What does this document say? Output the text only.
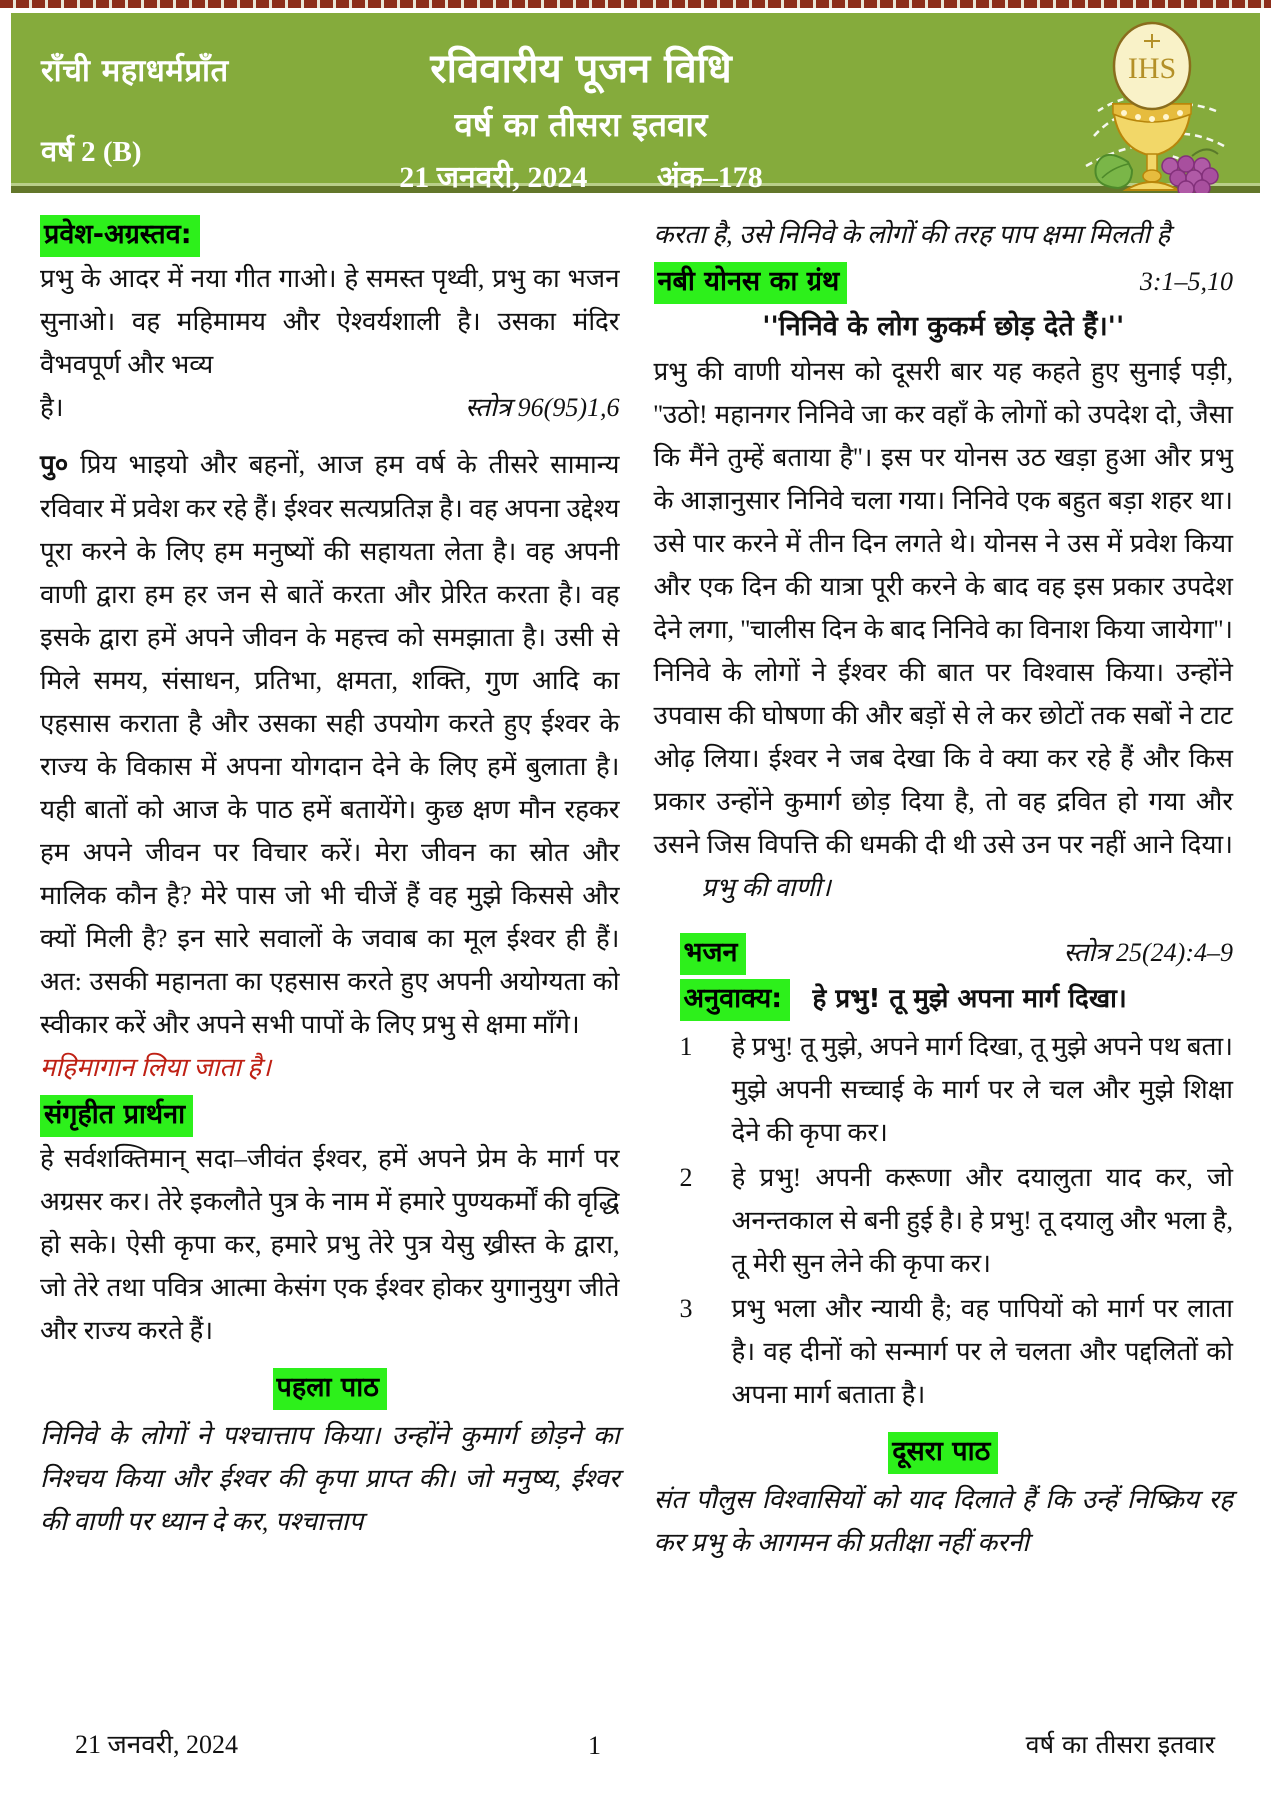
राँची महाधर्मप्राँत
वर्ष 2 (B)
रविवारीय पूजन विधि
वर्ष का तीसरा इतवार
21 जनवरी, 2024 अंक–178
IHS
प्रवेश-अग्रस्तव:

प्रभु के आदर में नया गीत गाओ। हे समस्त पृथ्वी, प्रभु का भजन सुनाओ। वह महिमामय और ऐश्वर्यशाली है। उसका मंदिर वैभवपूर्ण और भव्य

है।	स्तोत्र 96(95)1,6

पु० प्रिय भाइयो और बहनों, आज हम वर्ष के तीसरे सामान्य रविवार में प्रवेश कर रहे हैं। ईश्वर सत्यप्रतिज्ञ है। वह अपना उद्देश्य पूरा करने के लिए हम मनुष्यों की सहायता लेता है। वह अपनी वाणी द्वारा हम हर जन से बातें करता और प्रेरित करता है। वह इसके द्वारा हमें अपने जीवन के महत्त्व को समझाता है। उसी से मिले समय, संसाधन, प्रतिभा, क्षमता, शक्ति, गुण आदि का एहसास कराता है और उसका सही उपयोग करते हुए ईश्वर के राज्य के विकास में अपना योगदान देने के लिए हमें बुलाता है। यही बातों को आज के पाठ हमें बतायेंगे। कुछ क्षण मौन रहकर हम अपने जीवन पर विचार करें। मेरा जीवन का स्रोत और मालिक कौन है? मेरे पास जो भी चीजें हैं वह मुझे किससे और क्यों मिली है? इन सारे सवालों के जवाब का मूल ईश्वर ही हैं। अत: उसकी महानता का एहसास करते हुए अपनी अयोग्यता को स्वीकार करें और अपने सभी पापों के लिए प्रभु से क्षमा माँगे।

महिमागान लिया जाता है।
संगृहीत प्रार्थना

हे सर्वशक्तिमान् सदा–जीवंत ईश्वर, हमें अपने प्रेम के मार्ग पर अग्रसर कर। तेरे इकलौते पुत्र के नाम में हमारे पुण्यकर्मों की वृद्धि हो सके। ऐसी कृपा कर, हमारे प्रभु तेरे पुत्र येसु ख्रीस्त के द्वारा, जो तेरे तथा पवित्र आत्मा केसंग एक ईश्वर होकर युगानुयुग जीते और राज्य करते हैं।

पहला पाठ

निनिवे के लोगों ने पश्चात्ताप किया। उन्होंने कुमार्ग छोड़ने का निश्चय किया और ईश्वर की कृपा प्राप्त की। जो मनुष्य, ईश्वर की वाणी पर ध्यान दे कर, पश्चात्ताप

करता है, उसे निनिवे के लोगों की तरह पाप क्षमा मिलती है

नबी योनस का ग्रंथ	3:1–5,10
''निनिवे के लोग कुकर्म छोड़ देते हैं।''

प्रभु की वाणी योनस को दूसरी बार यह कहते हुए सुनाई पड़ी, ''उठो! महानगर निनिवे जा कर वहाँ के लोगों को उपदेश दो, जैसा कि मैंने तुम्हें बताया है''। इस पर योनस उठ खड़ा हुआ और प्रभु के आज्ञानुसार निनिवे चला गया। निनिवे एक बहुत बड़ा शहर था। उसे पार करने में तीन दिन लगते थे। योनस ने उस में प्रवेश किया और एक दिन की यात्रा पूरी करने के बाद वह इस प्रकार उपदेश देने लगा, ''चालीस दिन के बाद निनिवे का विनाश किया जायेगा''। निनिवे के लोगों ने ईश्वर की बात पर विश्वास किया। उन्होंने उपवास की घोषणा की और बड़ों से ले कर छोटों तक सबों ने टाट ओढ़ लिया। ईश्वर ने जब देखा कि वे क्या कर रहे हैं और किस प्रकार उन्होंने कुमार्ग छोड़ दिया है, तो वह द्रवित हो गया और उसने जिस विपत्ति की धमकी दी थी उसे उन पर नहीं आने दिया। प्रभु की वाणी।

भजन	स्तोत्र 25(24):4–9
अनुवाक्य: हे प्रभु! तू मुझे अपना मार्ग दिखा।
1	हे प्रभु! तू मुझे, अपने मार्ग दिखा, तू मुझे अपने पथ बता। मुझे अपनी सच्चाई के मार्ग पर ले चल और मुझे शिक्षा देने की कृपा कर।
2	हे प्रभु! अपनी करूणा और दयालुता याद कर, जो अनन्तकाल से बनी हुई है। हे प्रभु! तू दयालु और भला है, तू मेरी सुन लेने की कृपा कर।
3	प्रभु भला और न्यायी है; वह पापियों को मार्ग पर लाता है। वह दीनों को सन्मार्ग पर ले चलता और पद्दलितों को अपना मार्ग बताता है।
दूसरा पाठ

संत पौलुस विश्वासियों को याद दिलाते हैं कि उन्हें निष्क्रिय रह कर प्रभु के आगमन की प्रतीक्षा नहीं करनी

21 जनवरी, 2024	1	वर्ष का तीसरा इतवार
